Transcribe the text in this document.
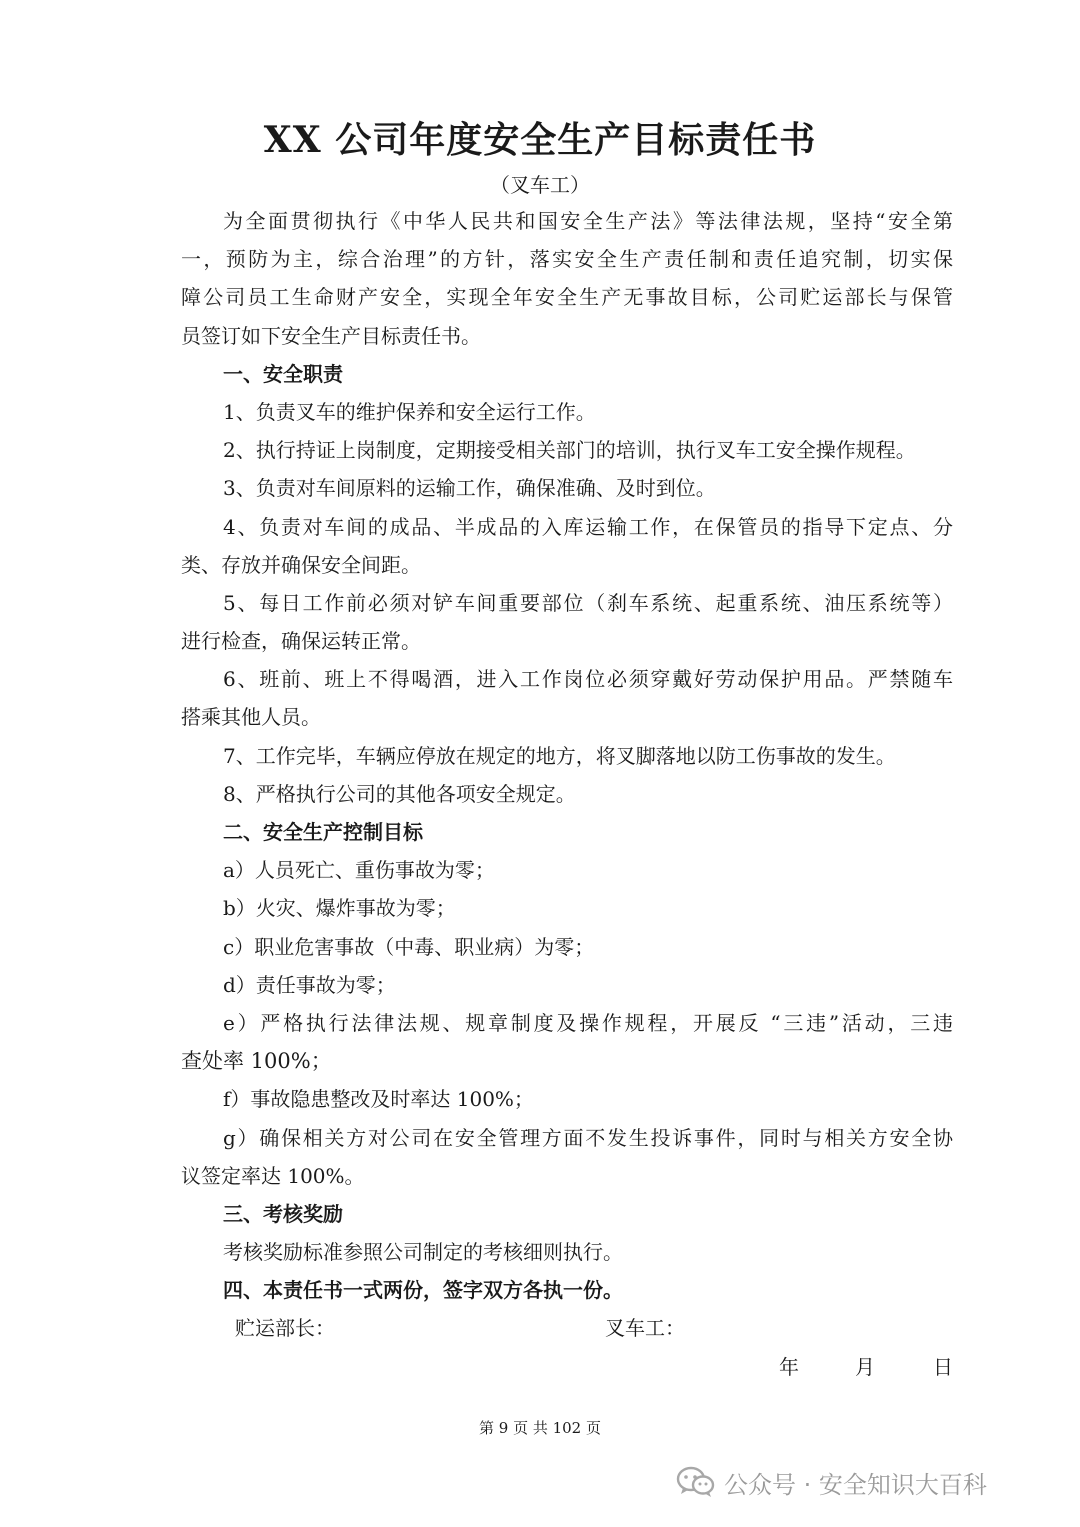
XX 公司年度安全生产目标责任书
（叉车工）
为全面贯彻执行《中华人民共和国安全生产法》等法律法规，坚持“安全第
一，预防为主，综合治理”的方针，落实安全生产责任制和责任追究制，切实保
障公司员工生命财产安全，实现全年安全生产无事故目标，公司贮运部长与保管
员签订如下安全生产目标责任书。
一、安全职责
1、负责叉车的维护保养和安全运行工作。
2、执行持证上岗制度，定期接受相关部门的培训，执行叉车工安全操作规程。
3、负责对车间原料的运输工作，确保准确、及时到位。
4、负责对车间的成品、半成品的入库运输工作，在保管员的指导下定点、分
类、存放并确保安全间距。
5、每日工作前必须对铲车间重要部位（刹车系统、起重系统、油压系统等）
进行检查，确保运转正常。
6、班前、班上不得喝酒，进入工作岗位必须穿戴好劳动保护用品。严禁随车
搭乘其他人员。
7、工作完毕，车辆应停放在规定的地方，将叉脚落地以防工伤事故的发生。
8、严格执行公司的其他各项安全规定。
二、安全生产控制目标
a）人员死亡、重伤事故为零；
b）火灾、爆炸事故为零；
c）职业危害事故（中毒、职业病）为零；
d）责任事故为零；
e）严格执行法律法规、规章制度及操作规程，开展反 “三违”活动，三违
查处率 100%；
f）事故隐患整改及时率达 100%；
g）确保相关方对公司在安全管理方面不发生投诉事件，同时与相关方安全协
议签定率达 100%。
三、考核奖励
考核奖励标准参照公司制定的考核细则执行。
四、本责任书一式两份，签字双方各执一份。
贮运部长：	叉车工：
年	月	日
第 9 页 共 102 页
公众号 · 安全知识大百科
